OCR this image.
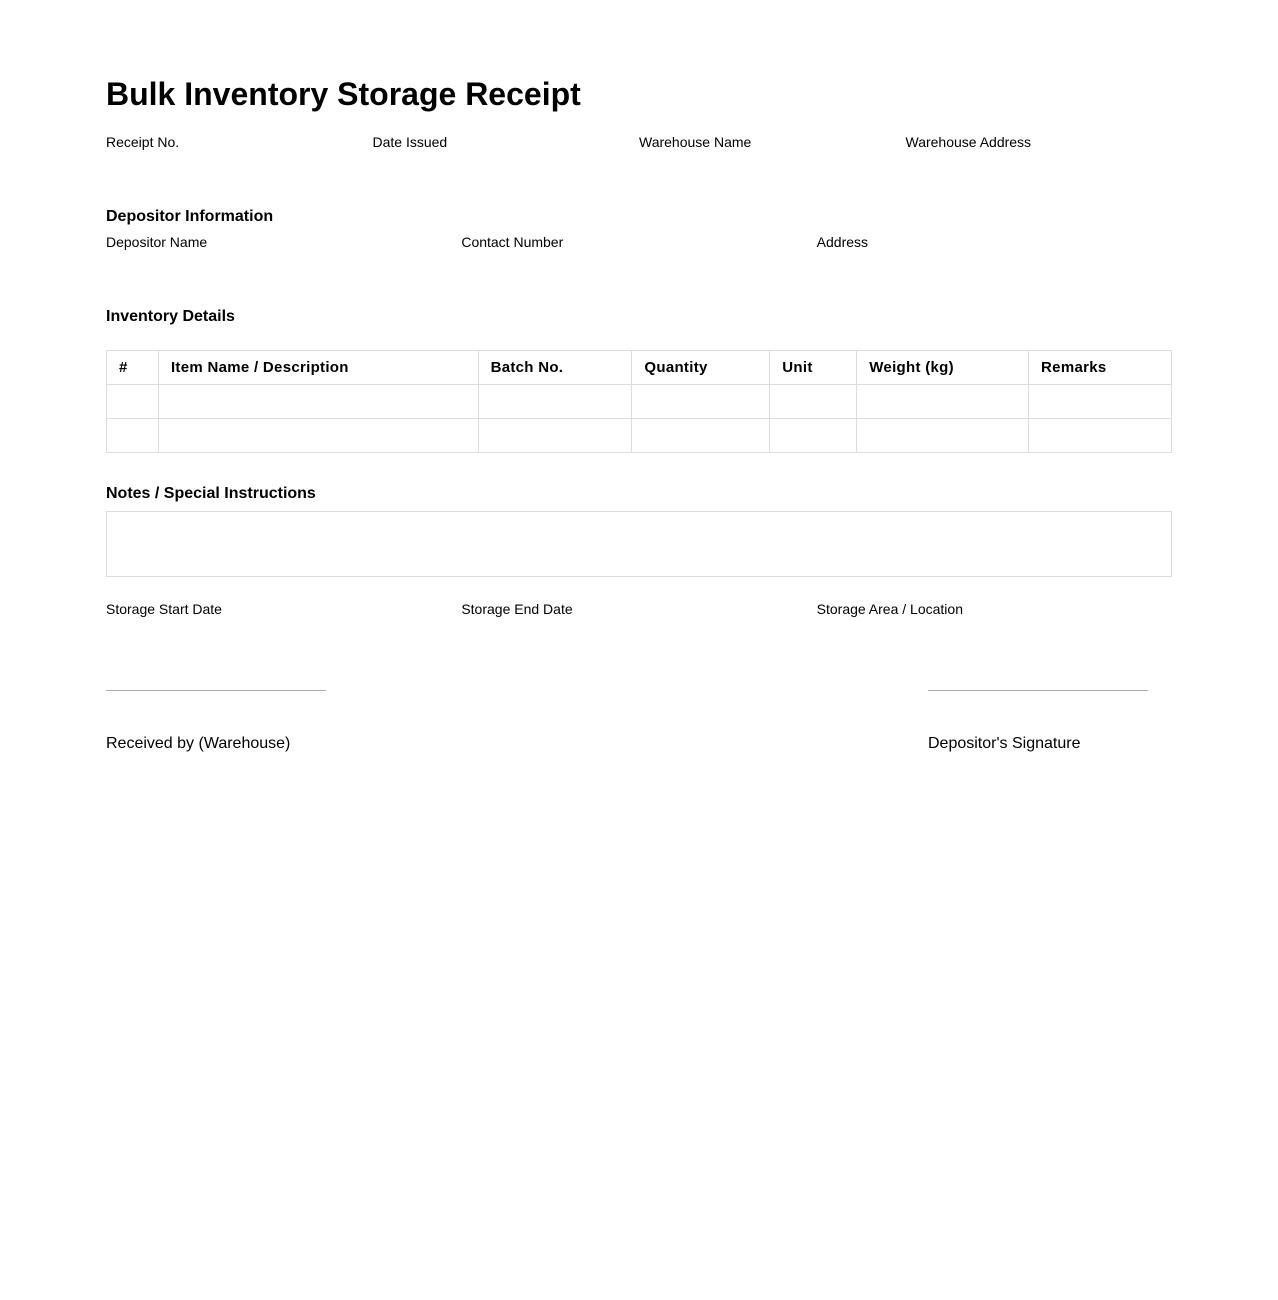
Bulk Inventory Storage Receipt
Receipt No.	Date Issued	Warehouse Name	Warehouse Address
Depositor Information
Depositor Name	Contact Number	Address
Inventory Details
#	Item Name / Description	Batch No.	Quantity	Unit	Weight (kg)	Remarks

Notes / Special Instructions
Storage Start Date	Storage End Date	Storage Area / Location
Received by (Warehouse)	Depositor's Signature
